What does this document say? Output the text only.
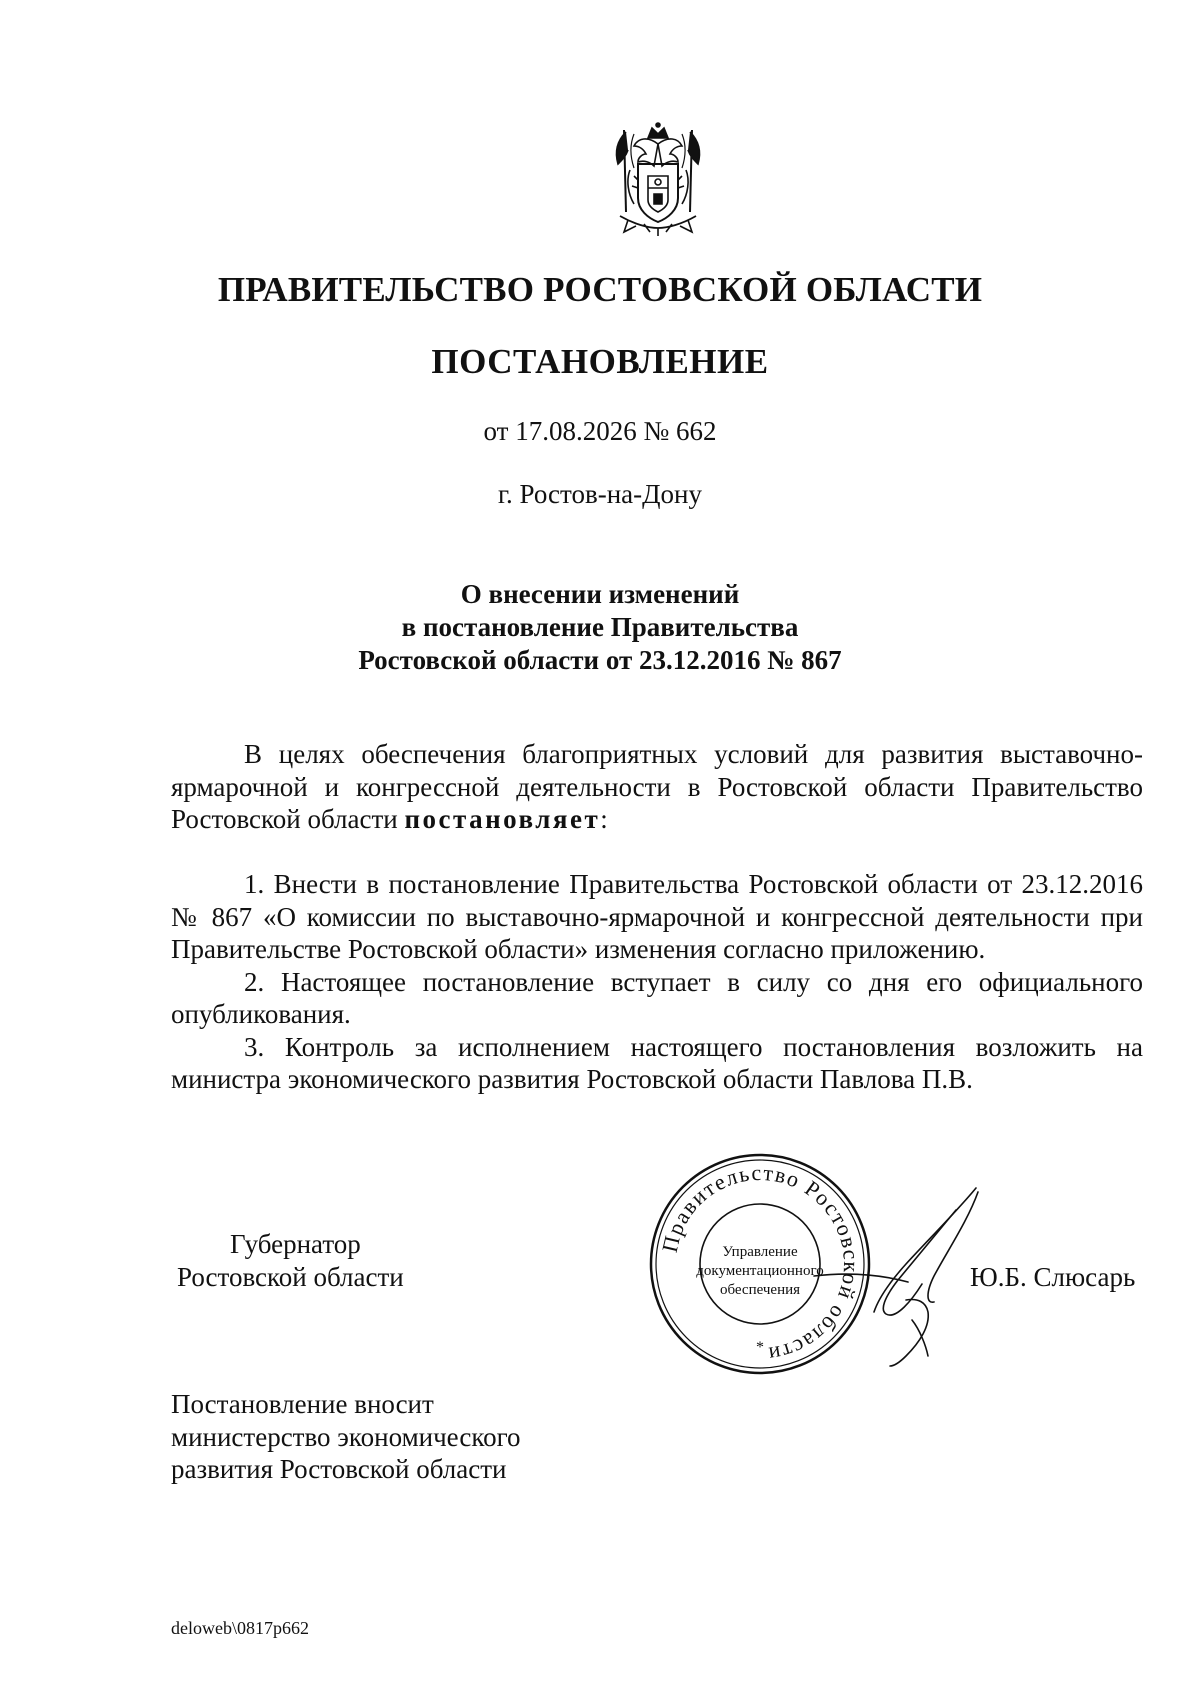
ПРАВИТЕЛЬСТВО РОСТОВСКОЙ ОБЛАСТИ
ПОСТАНОВЛЕНИЕ
от 17.08.2026 № 662
г. Ростов-на-Дону
О внесении изменений
в постановление Правительства
Ростовской области от 23.12.2016 № 867

В целях обеспечения благоприятных условий для развития выставочно-ярмарочной и конгрессной деятельности в Ростовской области Правительство Ростовской области постановляет:

1. Внести в постановление Правительства Ростовской области от 23.12.2016 № 867 «О комиссии по выставочно-ярмарочной и конгрессной деятельности при Правительстве Ростовской области» изменения согласно приложению.

2. Настоящее постановление вступает в силу со дня его официального опубликования.

3. Контроль за исполнением настоящего постановления возложить на министра экономического развития Ростовской области Павлова П.В.

Губернатор
Ростовской области	Ю.Б. Слюсарь
Правительство Ростовской области
Управление
документационного
обеспечения
*
Постановление вносит
министерство экономического
развития Ростовской области
deloweb\0817p662
